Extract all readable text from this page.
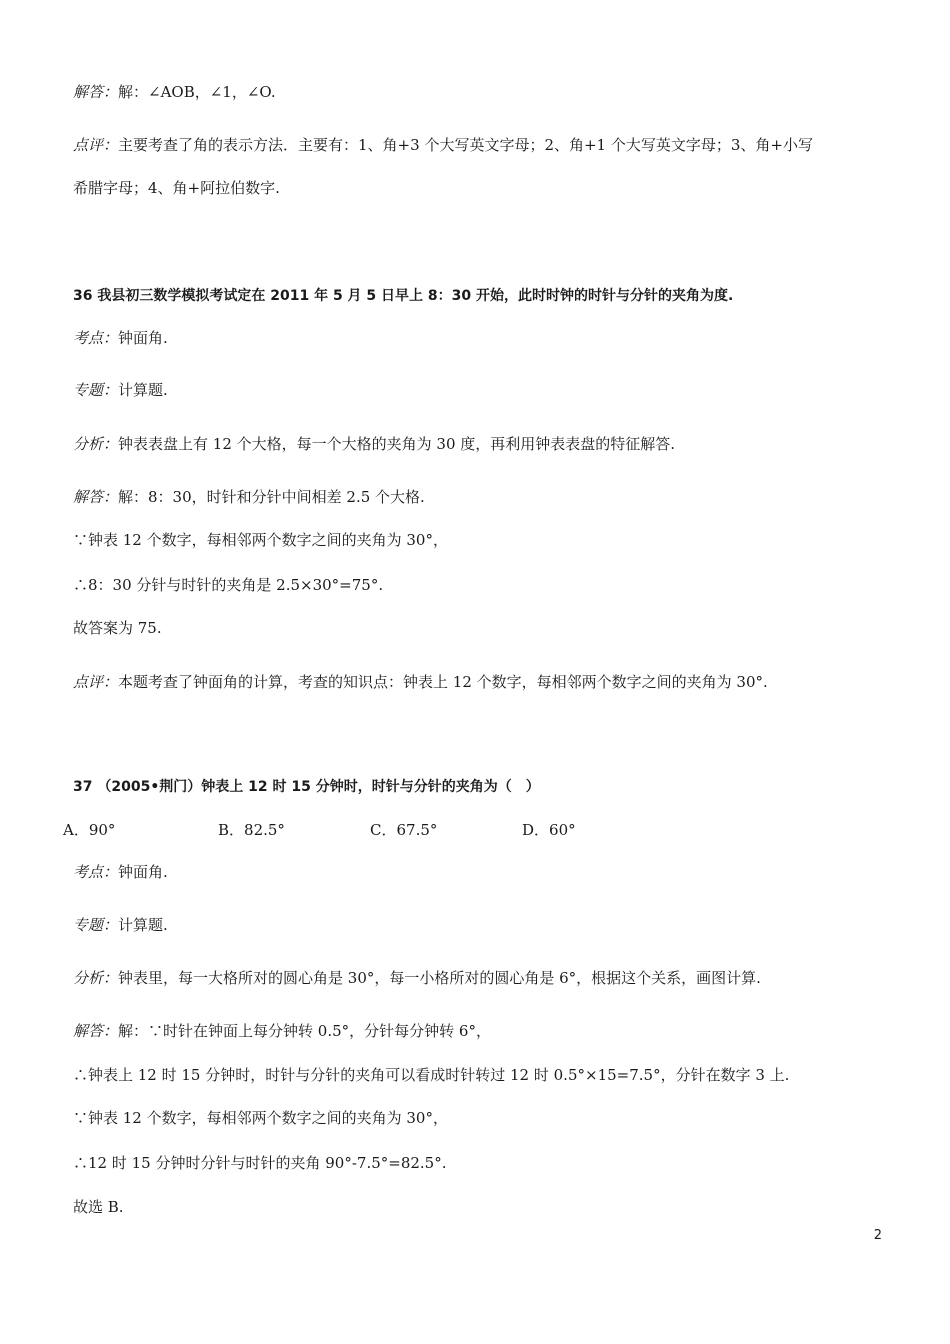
解答：解：∠AOB，∠1，∠O.
点评：主要考查了角的表示方法．主要有：1、角+3 个大写英文字母；2、角+1 个大写英文字母；3、角+小写
希腊字母；4、角+阿拉伯数字.
36 我县初三数学模拟考试定在 2011 年 5 月 5 日早上 8：30 开始，此时时钟的时针与分针的夹角为度.
考点：钟面角.
专题：计算题.
分析：钟表表盘上有 12 个大格，每一个大格的夹角为 30 度，再利用钟表表盘的特征解答.
解答：解：8：30，时针和分针中间相差 2.5 个大格.
∵钟表 12 个数字，每相邻两个数字之间的夹角为 30°，
∴8：30 分针与时针的夹角是 2.5×30°=75°.
故答案为 75.
点评：本题考查了钟面角的计算，考查的知识点：钟表上 12 个数字，每相邻两个数字之间的夹角为 30°.
37 （2005•荆门）钟表上 12 时 15 分钟时，时针与分针的夹角为（　）
A．90°	B．82.5°	C．67.5°	D．60°
考点：钟面角.
专题：计算题.
分析：钟表里，每一大格所对的圆心角是 30°，每一小格所对的圆心角是 6°，根据这个关系，画图计算.
解答：解：∵时针在钟面上每分钟转 0.5°，分针每分钟转 6°，
∴钟表上 12 时 15 分钟时，时针与分针的夹角可以看成时针转过 12 时 0.5°×15=7.5°，分针在数字 3 上.
∵钟表 12 个数字，每相邻两个数字之间的夹角为 30°，
∴12 时 15 分钟时分针与时针的夹角 90°-7.5°=82.5°.
故选 B.
2
